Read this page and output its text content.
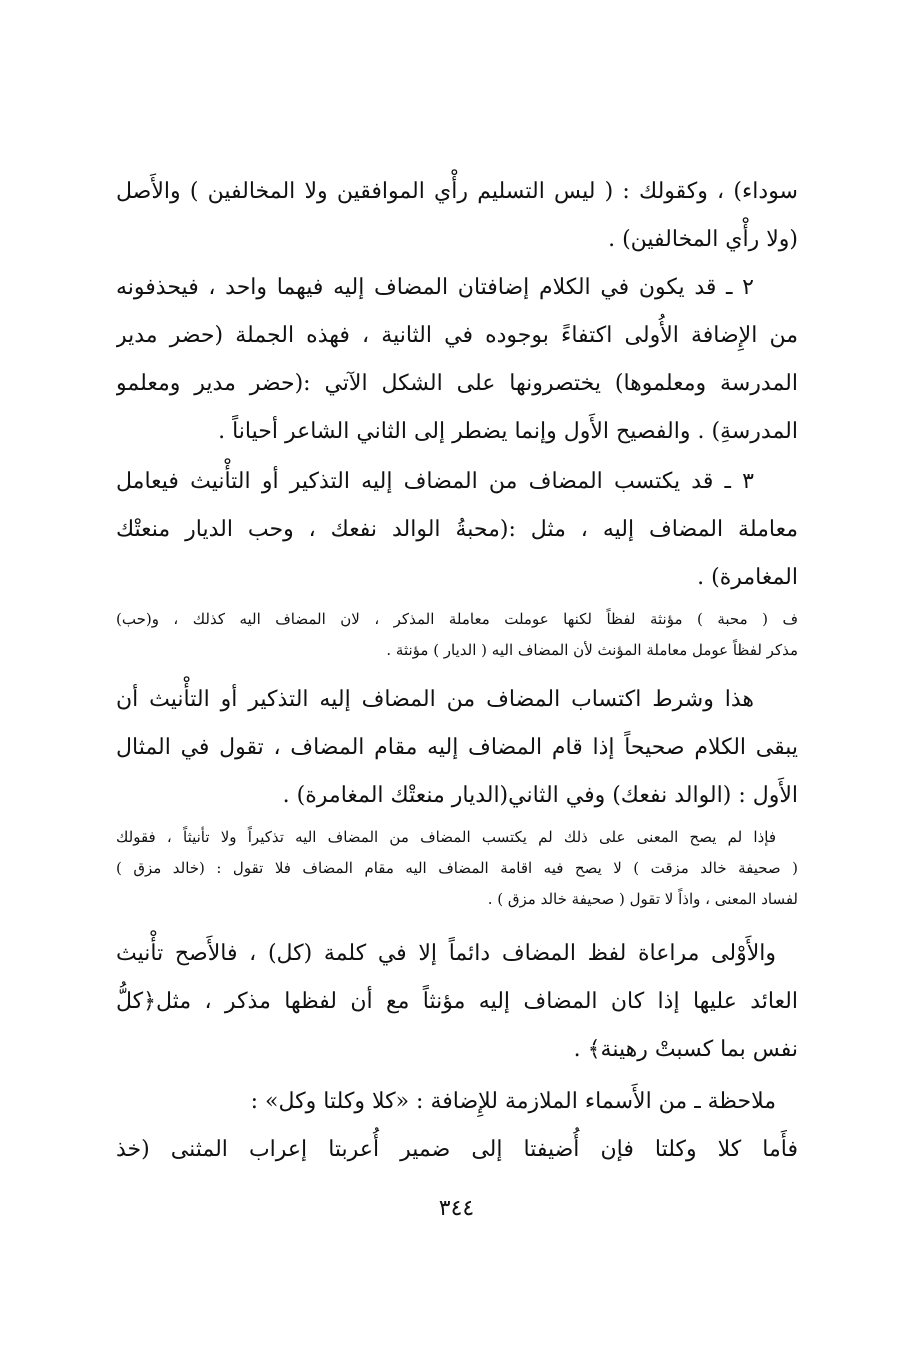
سوداء) ، وكقولك : ( ليس التسليم رأْي الموافقين ولا المخالفين ) والأَصل
(ولا رأْي المخالفين) .
٢ ـ قد يكون في الكلام إضافتان المضاف إليه فيهما واحد ، فيحذفونه
من الإِضافة الأُولى اكتفاءً بوجوده في الثانية ، فهذه الجملة (حضر مدير
المدرسة ومعلموها) يختصرونها على الشكل الآتي :(حضر مدير ومعلمو
المدرسةِ) . والفصيح الأَول وإنما يضطر إلى الثاني الشاعر أحياناً .
٣ ـ قد يكتسب المضاف من المضاف إليه التذكير أو التأْنيث فيعامل
معاملة المضاف إليه ، مثل :(محبةُ الوالد نفعك ، وحب الديار منعتْك
المغامرة) .
ف ( محبة ) مؤنثة لفظاً لكنها عوملت معاملة المذكر ، لان المضاف اليه كذلك ، و(حب)
مذكر لفظاً عومل معاملة المؤنث لأن المضاف اليه ( الديار ) مؤنثة .
هذا وشرط اكتساب المضاف من المضاف إليه التذكير أو التأْنيث أن
يبقى الكلام صحيحاً إذا قام المضاف إليه مقام المضاف ، تقول في المثال
الأَول : (الوالد نفعك) وفي الثاني(الديار منعتْك المغامرة) .
فإذا لم يصح المعنى على ذلك لم يكتسب المضاف من المضاف اليه تذكيراً ولا تأنيثاً ، فقولك
( صحيفة خالد مزقت ) لا يصح فيه اقامة المضاف اليه مقام المضاف فلا تقول : (خالد مزق )
لفساد المعنى ، واذاً لا تقول ( صحيفة خالد مزق ) .
والأَوْلى مراعاة لفظ المضاف دائماً إلا في كلمة (كل) ، فالأَصح تأْنيث
العائد عليها إذا كان المضاف إليه مؤنثاً مع أن لفظها مذكر ، مثل﴿كلُّ
نفس بما كسبتْ رهينة﴾ .
ملاحظة ـ من الأَسماء الملازمة للإِضافة : «كلا وكلتا وكل» :
فأَما كلا وكلتا فإن أُضيفتا إلى ضمير أُعربتا إعراب المثنى (خذ
٣٤٤
